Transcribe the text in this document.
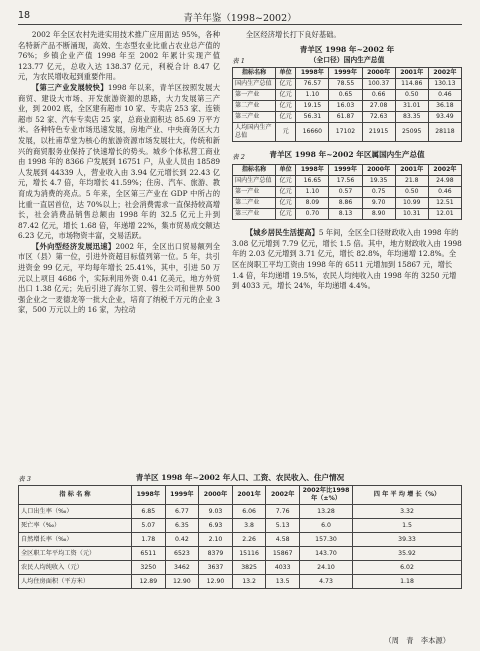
18	青羊年鉴（1998~2002）

2002 年全区农村先进实用技术推广应用面达 95%，各种名特新产品不断涌现，高效、生态型农业比重占农业总产值的 76%；乡镇企业产值 1998 年至 2002 年累计实现产值 123.77 亿元，总收入达 138.37 亿元，利税合计 8.47 亿元，为农民增收起到重要作用。

【第三产业发展较快】1998 年以来，青羊区按照发展大商贸、建设大市场、开发旅游资源的思路，大力发展第三产业，到 2002 底，全区建有超市 10 家、专卖店 253 家、连锁超市 52 家、汽车专卖店 25 家，总商业面积达 85.69 万平方米。各种特色专业市场迅速发展，房地产业、中央商务区大力发展，以杜甫草堂为核心的旅游资源市场发展壮大，传统和新兴的商贸服务业保持了快速增长的势头。城乡个体私营工商业由 1998 年的 8366 户发展到 16751 户，从业人员由 18589 人发展到 44339 人，营业收入由 3.94 亿元增长到 22.43 亿元，增长 4.7 倍，年均增长 41.59%；住房、汽车、旅游、教育成为消费的亮点。5 年来，全区第三产业在 GDP 中所占的比重一直居首位，达 70%以上；社会消费需求一直保持较高增长，社会消费品销售总额由 1998 年的 32.5 亿元上升到 87.42 亿元，增长 1.68 倍，年递增 22%，集市贸易成交额达 6.23 亿元，市场物资丰富，交易活跃。

【外向型经济发展迅速】2002 年，全区出口贸易额列全市区（县）第一位，引进外资超目标值列第一位。5 年，共引进资金 99 亿元，平均每年增长 25.41%，其中，引进 50 万元以上项目 4686 个，实际利用外资 0.41 亿美元，地方外贸出口 1.38 亿元；先后引进了海尔工贸、蓉生公司和世界 500 强企业之一麦德龙等一批大企业，培育了纳税千万元的企业 3 家，500 万元以上的 16 家，为拉动

全区经济增长打下良好基础。

青羊区 1998 年~2002 年
表 1	（全口径）国内生产总值
指标名称	单位	1998年	1999年	2000年	2001年	2002年
国内生产总值	亿元	76.57	78.55	100.37	114.86	130.13
第一产业	亿元	1.10	0.65	0.66	0.50	0.46
第二产业	亿元	19.15	16.03	27.08	31.01	36.18
第三产业	亿元	56.31	61.87	72.63	83.35	93.49
人均国内生产总值	元	16660	17102	21915	25095	28118
表 2	青羊区 1998 年~2002 年区属国内生产总值
指标名称	单位	1998年	1999年	2000年	2001年	2002年
国内生产总值	亿元	16.65	17.56	19.35	21.8	24.98
第一产业	亿元	1.10	0.57	0.75	0.50	0.46
第二产业	亿元	8.09	8.86	9.70	10.99	12.51
第三产业	亿元	0.70	8.13	8.90	10.31	12.01

【城乡居民生活提高】5 年间，全区全口径财政收入由 1998 年的 3.08 亿元增到 7.79 亿元，增长 1.5 倍。其中，地方财政收入由 1998 年的 2.03 亿元增到 3.71 亿元，增长 82.8%，年均递增 12.8%。全区在岗职工平均工资由 1998 年的 6511 元增加到 15867 元，增长 1.4 倍，年均递增 19.5%，农民人均纯收入由 1998 年的 3250 元增到 4033 元，增长 24%，年均递增 4.4%。

表 3	青羊区 1998 年~2002 年人口、工资、农民收入、住户情况
指 标 名 称	1998年	1999年	2000年	2001年	2002年	2002年比1998年（±%）	四 年 平 均 增 长（%）
人口出生率（‰）	6.85	6.77	9.03	6.06	7.76	13.28	3.32
死亡率（‰）	5.07	6.35	6.93	3.8	5.13	6.0	1.5
自然增长率（‰）	1.78	0.42	2.10	2.26	4.58	157.30	39.33
全区职工年平均工资（元）	6511	6523	8379	15116	15867	143.70	35.92
农民人均纯收入（元）	3250	3462	3637	3825	4033	24.10	6.02
人均住房面积（平方米）	12.89	12.90	12.90	13.2	13.5	4.73	1.18
（周　青　李本源）
